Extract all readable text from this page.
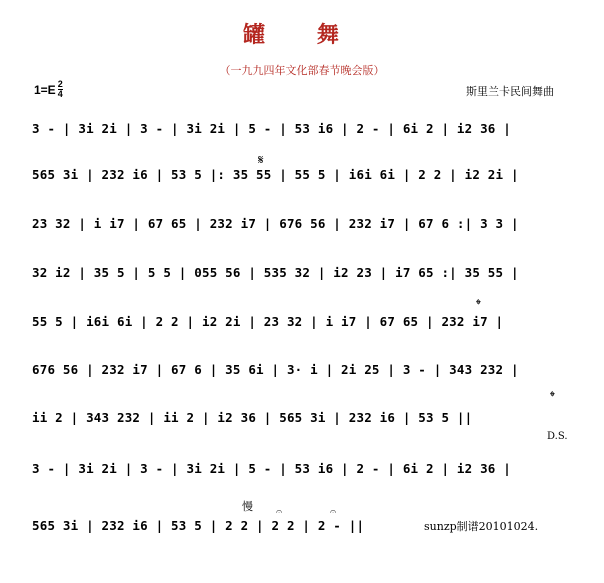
罐 舞
（一九九四年文化部春节晚会版）
$1=E \frac{2}{4}$	斯里兰卡民间舞曲
3 - | 3i 2i | 3 - | 3i 2i | 5 - | 53 i6 | 2 - | 6i 2 | i2 36 |
𝄋
565 3i | 232 i6 | 53 5 |: 35 55 | 55 5 | i6i 6i | 2 2 | i2 2i |
23 32 | i i7 | 67 65 | 232 i7 | 676 56 | 232 i7 | 67 6 :| 3 3 |
32 i2 | 35 5 | 5 5 | 055 56 | 535 32 | i2 23 | i7 65 :| 35 55 |
𝄌
55 5 | i6i 6i | 2 2 | i2 2i | 23 32 | i i7 | 67 65 | 232 i7 |
676 56 | 232 i7 | 67 6 | 35 6i | 3· i | 2i 25 | 3 - | 343 232 |
𝄌
ii 2 | 343 232 | ii 2 | i2 36 | 565 3i | 232 i6 | 53 5 ||
D.S.
3 - | 3i 2i | 3 - | 3i 2i | 5 - | 53 i6 | 2 - | 6i 2 | i2 36 |
慢 𝄐	𝄐
565 3i | 232 i6 | 53 5 | 2 2 | 2 2 | 2 - ||	sunzp制谱20101024.
